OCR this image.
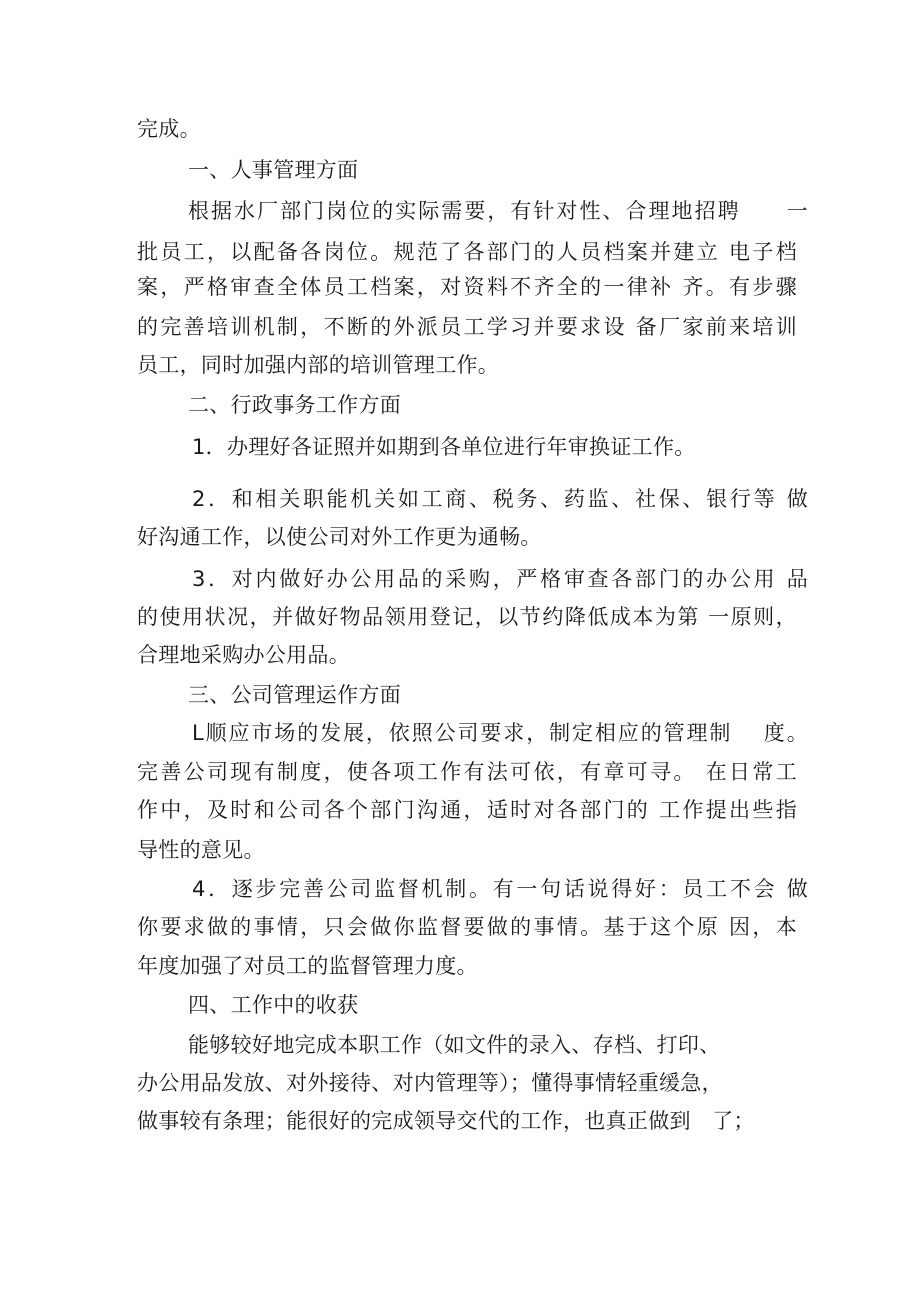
完成。
一、人事管理方面
根据水厂部门岗位的实际需要，有针对性、合理地招聘　　一
批员工，以配备各岗位。规范了各部门的人员档案并建立 电子档
案，严格审查全体员工档案，对资料不齐全的一律补 齐。有步骤
的完善培训机制，不断的外派员工学习并要求设 备厂家前来培训
员工，同时加强内部的培训管理工作。
二、行政事务工作方面
1．办理好各证照并如期到各单位进行年审换证工作。
2．和相关职能机关如工商、税务、药监、社保、银行等 做
好沟通工作，以使公司对外工作更为通畅。
3．对内做好办公用品的采购，严格审查各部门的办公用 品
的使用状况，并做好物品领用登记，以节约降低成本为第 一原则，
合理地采购办公用品。
三、公司管理运作方面
L顺应市场的发展，依照公司要求，制定相应的管理制　 度。
完善公司现有制度，使各项工作有法可依，有章可寻。 在日常工
作中，及时和公司各个部门沟通，适时对各部门的 工作提出些指
导性的意见。
4．逐步完善公司监督机制。有一句话说得好：员工不会 做
你要求做的事情，只会做你监督要做的事情。基于这个原 因，本
年度加强了对员工的监督管理力度。
四、工作中的收获
能够较好地完成本职工作（如文件的录入、存档、打印、
办公用品发放、对外接待、对内管理等）；懂得事情轻重缓急，
做事较有条理；能很好的完成领导交代的工作，也真正做到　了；
